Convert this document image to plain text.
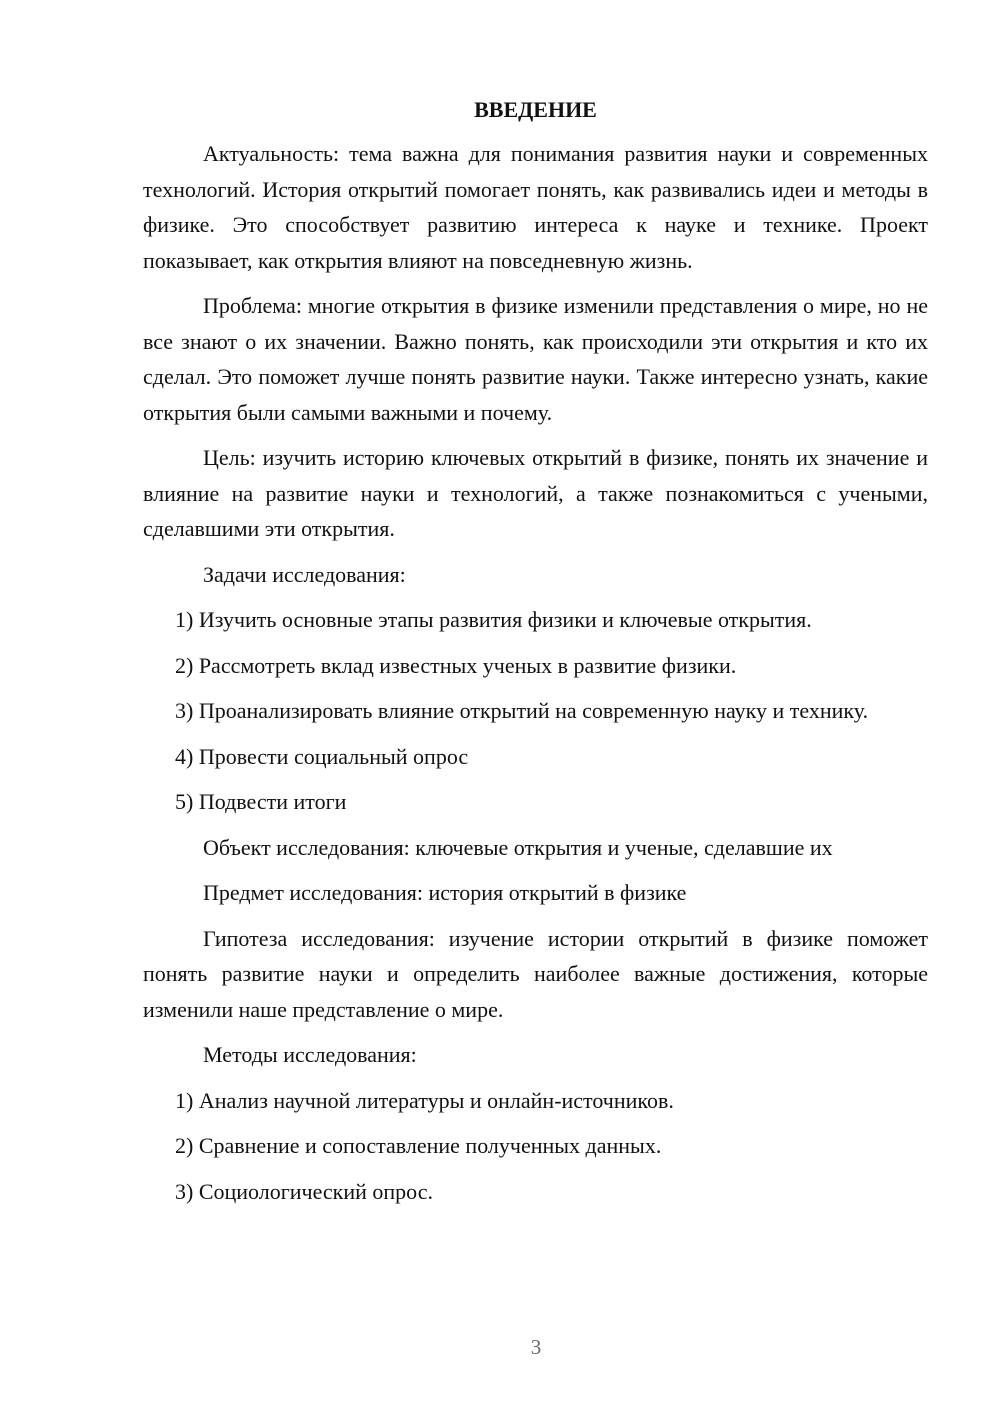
ВВЕДЕНИЕ
Актуальность: тема важна для понимания развития науки и современных технологий. История открытий помогает понять, как развивались идеи и методы в физике. Это способствует развитию интереса к науке и технике. Проект показывает, как открытия влияют на повседневную жизнь.
Проблема: многие открытия в физике изменили представления о мире, но не все знают о их значении. Важно понять, как происходили эти открытия и кто их сделал. Это поможет лучше понять развитие науки. Также интересно узнать, какие открытия были самыми важными и почему.
Цель: изучить историю ключевых открытий в физике, понять их значение и влияние на развитие науки и технологий, а также познакомиться с учеными, сделавшими эти открытия.
Задачи исследования:
1) Изучить основные этапы развития физики и ключевые открытия.
2) Рассмотреть вклад известных ученых в развитие физики.
3) Проанализировать влияние открытий на современную науку и технику.
4) Провести социальный опрос
5) Подвести итоги
Объект исследования: ключевые открытия и ученые, сделавшие их
Предмет исследования: история открытий в физике
Гипотеза исследования: изучение истории открытий в физике поможет понять развитие науки и определить наиболее важные достижения, которые изменили наше представление о мире.
Методы исследования:
1) Анализ научной литературы и онлайн-источников.
2) Сравнение и сопоставление полученных данных.
3) Социологический опрос.
3
